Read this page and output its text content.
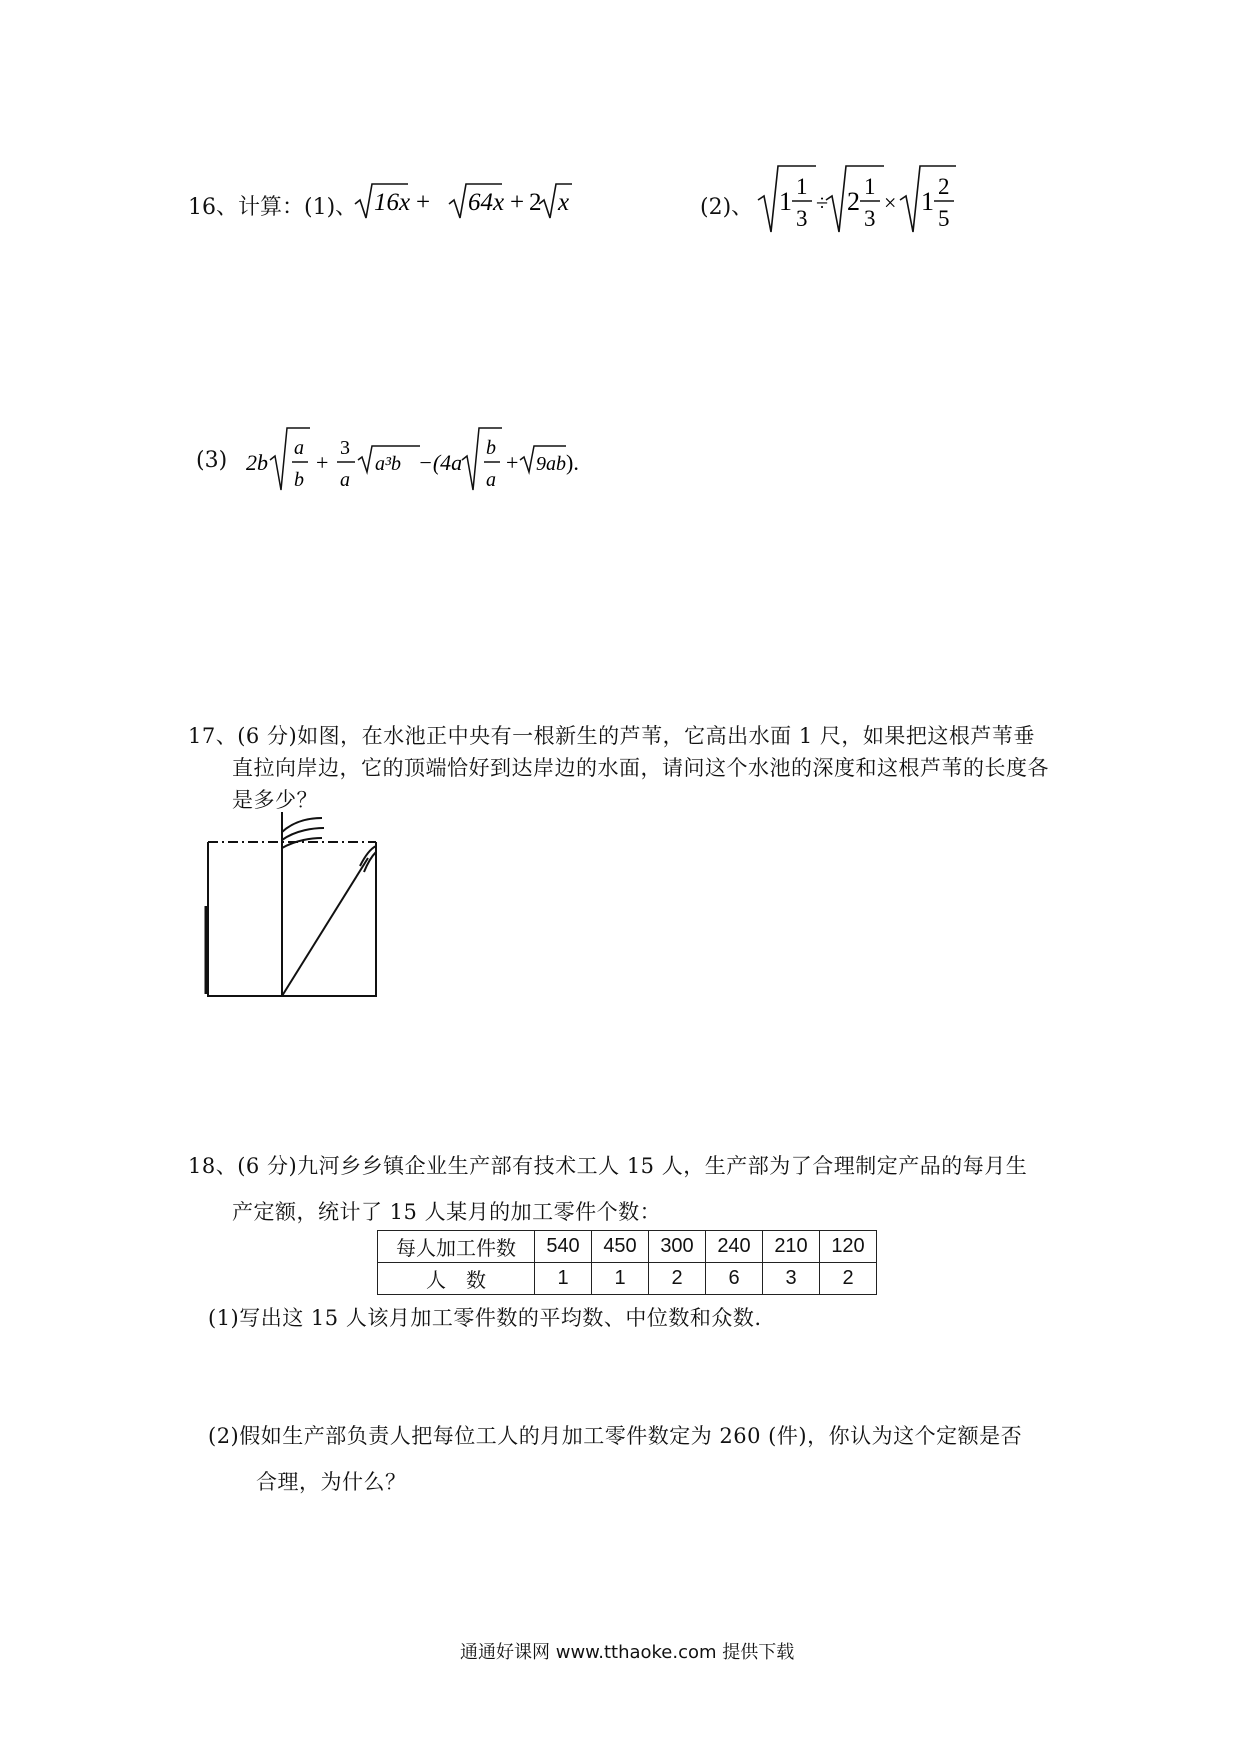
16、计算：(1)、 16x + 64x + 2 x	(2)、 1
1
3
÷ 2
1
3
× 1
2
5
(3) 2b
a
b
+
3
a
a³b −(4a
b
a
+ 9ab ).
17、(6 分)如图，在水池正中央有一根新生的芦苇，它高出水面 1 尺，如果把这根芦苇垂
直拉向岸边，它的顶端恰好到达岸边的水面，请问这个水池的深度和这根芦苇的长度各
是多少？
18、(6 分)九河乡乡镇企业生产部有技术工人 15 人，生产部为了合理制定产品的每月生
产定额，统计了 15 人某月的加工零件个数：
每人加工件数	540	450	300	240	210	120
人　数	1	1	2	6	3	2
(1)写出这 15 人该月加工零件数的平均数、中位数和众数.
(2)假如生产部负责人把每位工人的月加工零件数定为 260 (件)，你认为这个定额是否
合理，为什么？
通通好课网 www.tthaoke.com 提供下载
